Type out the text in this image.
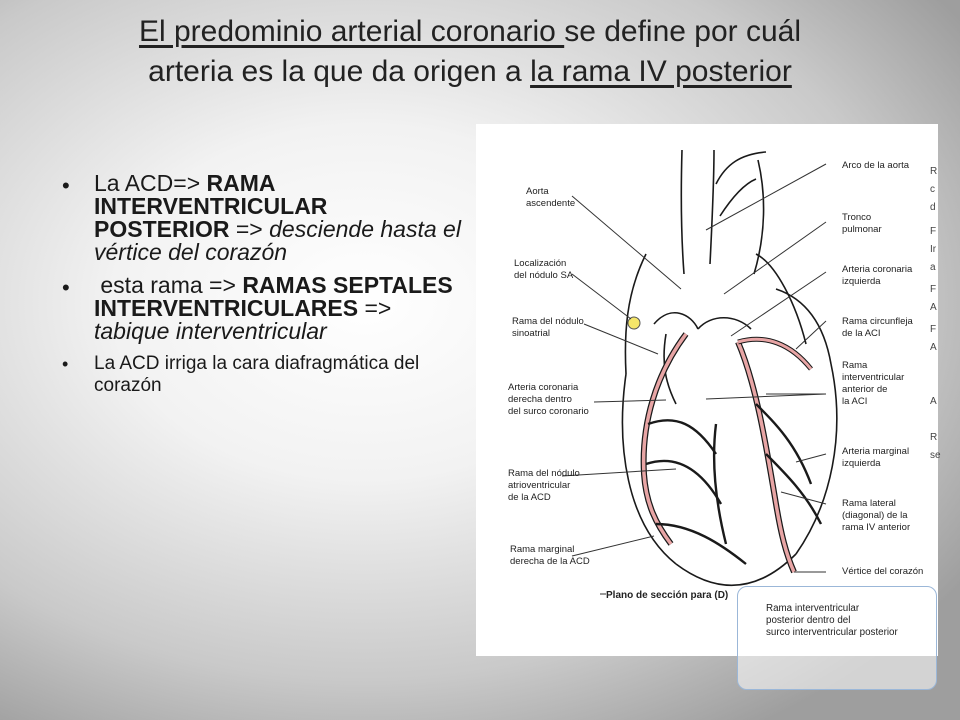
El predominio arterial coronario se define por cuál
arteria es la que da origen a la rama IV posterior
• La ACD=> RAMA INTERVENTRICULAR POSTERIOR => desciende hasta el vértice del corazón
• esta rama => RAMAS SEPTALES INTERVENTRICULARES => tabique interventricular
• La ACD irriga la cara diafragmática del corazón
Aorta
ascendente
Localización
del nódulo SA
Rama del nódulo
sinoatrial
Arteria coronaria
derecha dentro
del surco coronario
Rama del nódulo
atrioventricular
de la ACD
Rama marginal
derecha de la ACD
Arco de la aorta
Tronco
pulmonar
Arteria coronaria
izquierda
Rama circunfleja
de la ACI
Rama
interventricular
anterior de
la ACI
Arteria marginal
izquierda
Rama lateral
(diagonal) de la
rama IV anterior
Vértice del corazón
Plano de sección para (D)
R
c
d
F
Ir
a
F
A
F
A
A
R
se
Rama interventricular
posterior dentro del
surco interventricular posterior
